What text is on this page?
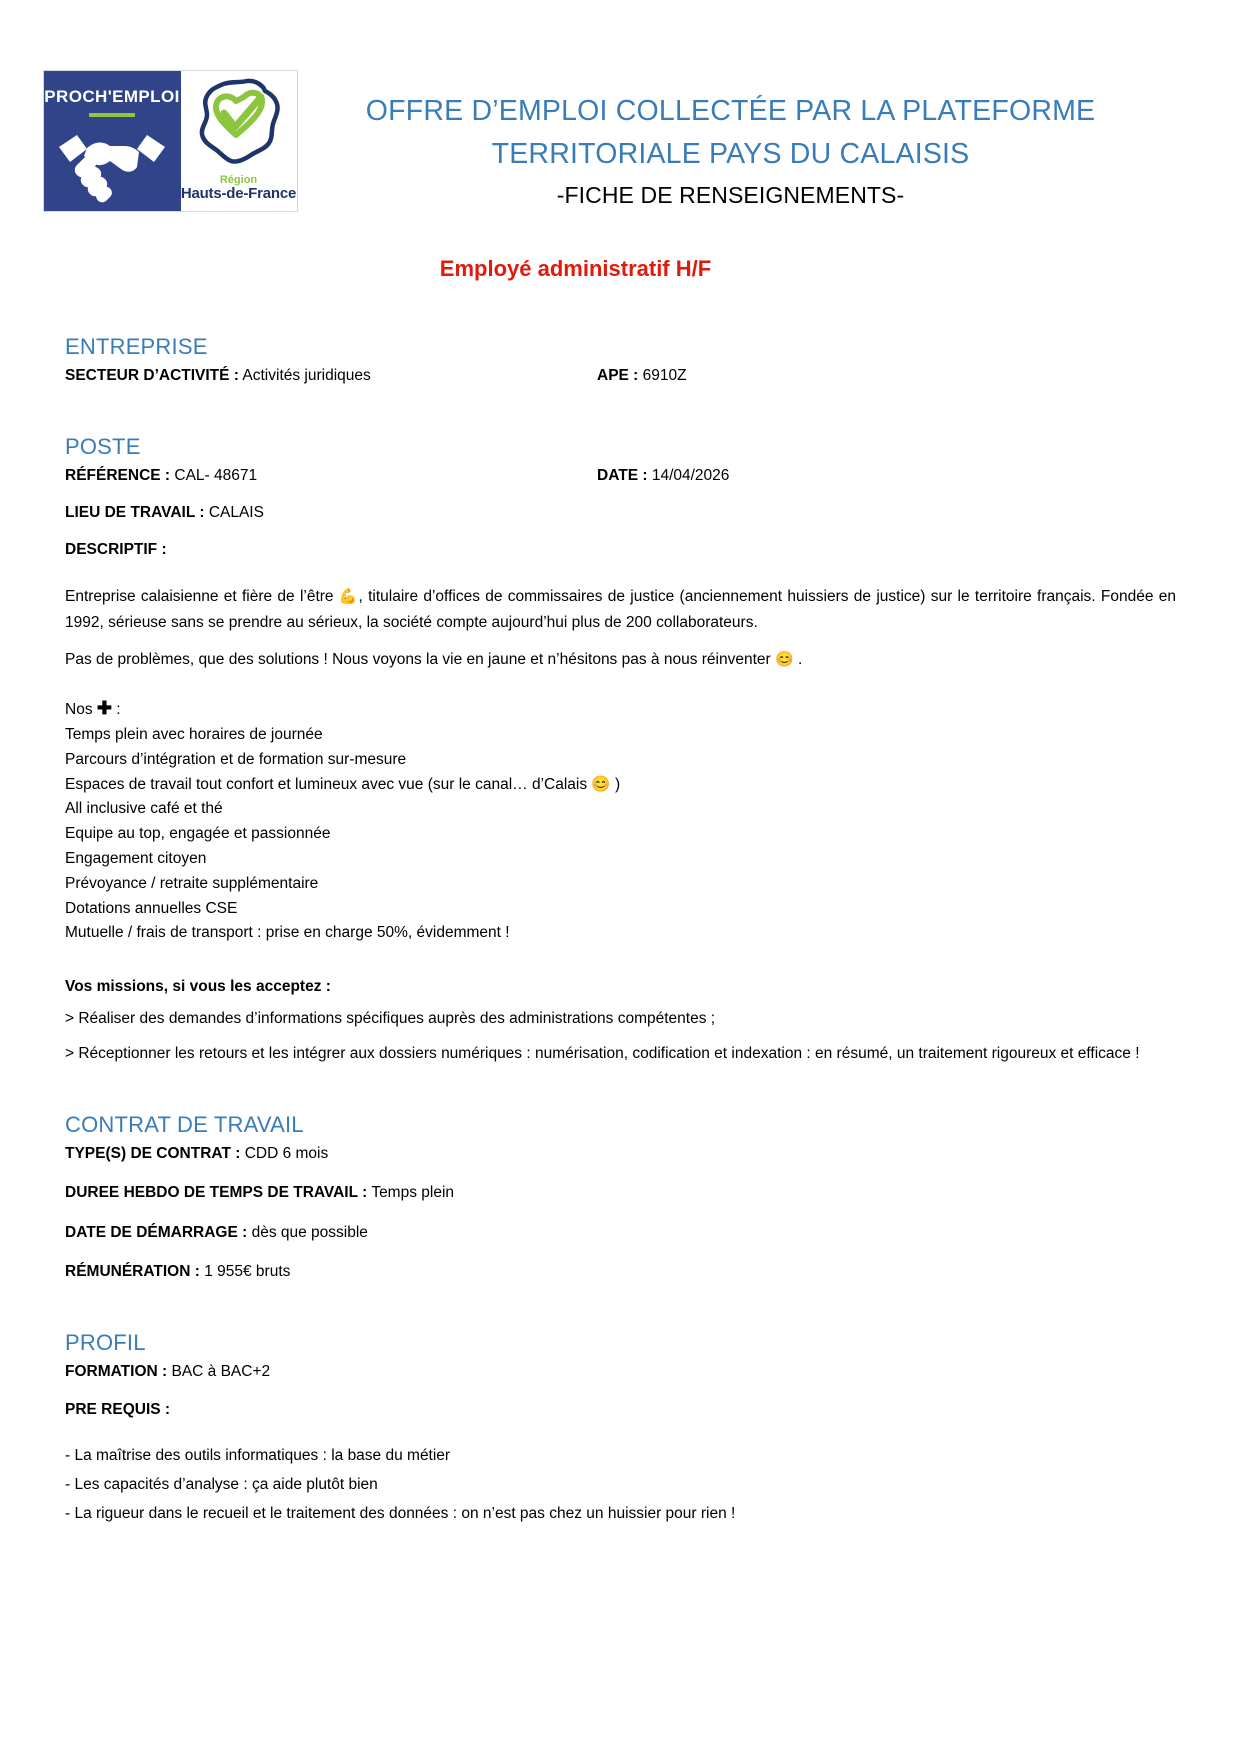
PROCH'EMPLOI
Région
Hauts-de-France
OFFRE D’EMPLOI COLLECTÉE PAR LA PLATEFORME
TERRITORIALE PAYS DU CALAISIS
-FICHE DE RENSEIGNEMENTS-
Employé administratif H/F
ENTREPRISE
SECTEUR D’ACTIVITÉ : Activités juridiques	APE : 6910Z
POSTE
RÉFÉRENCE : CAL- 48671	DATE : 14/04/2026
LIEU DE TRAVAIL : CALAIS
DESCRIPTIF :
Entreprise calaisienne et fière de l’être 💪, titulaire d’offices de commissaires de justice (anciennement huissiers de justice) sur le territoire français. Fondée en 1992, sérieuse sans se prendre au sérieux, la société compte aujourd’hui plus de 200 collaborateurs.
Pas de problèmes, que des solutions ! Nous voyons la vie en jaune et n’hésitons pas à nous réinventer 😊 .
Nos ✚ :
Temps plein avec horaires de journée
Parcours d’intégration et de formation sur-mesure
Espaces de travail tout confort et lumineux avec vue (sur le canal… d’Calais 😊 )
All inclusive café et thé
Equipe au top, engagée et passionnée
Engagement citoyen
Prévoyance / retraite supplémentaire
Dotations annuelles CSE
Mutuelle / frais de transport : prise en charge 50%, évidemment !
Vos missions, si vous les acceptez :
> Réaliser des demandes d’informations spécifiques auprès des administrations compétentes ;
> Réceptionner les retours et les intégrer aux dossiers numériques : numérisation, codification et indexation : en résumé, un traitement rigoureux et efficace !
CONTRAT DE TRAVAIL
TYPE(S) DE CONTRAT : CDD 6 mois
DUREE HEBDO DE TEMPS DE TRAVAIL : Temps plein
DATE DE DÉMARRAGE : dès que possible
RÉMUNÉRATION : 1 955€ bruts
PROFIL
FORMATION : BAC à BAC+2
PRE REQUIS :
- La maîtrise des outils informatiques : la base du métier
- Les capacités d’analyse : ça aide plutôt bien
- La rigueur dans le recueil et le traitement des données : on n’est pas chez un huissier pour rien !
